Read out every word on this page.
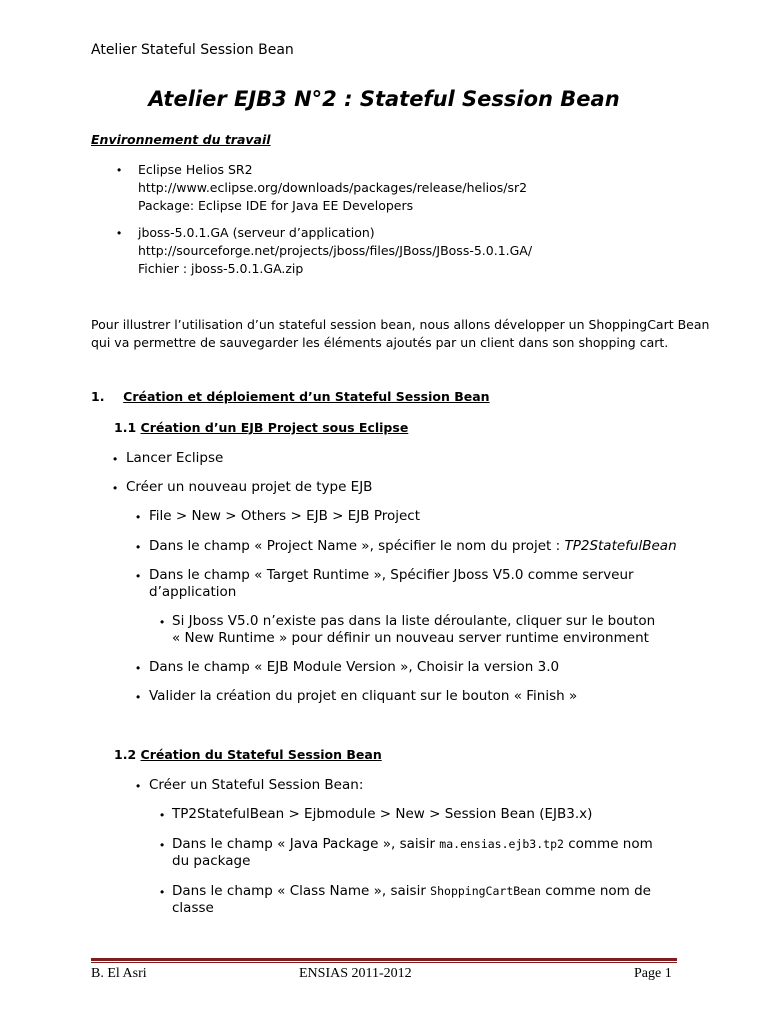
Atelier Stateful Session Bean
Atelier EJB3 N°2 : Stateful Session Bean
Environnement du travail
• Eclipse Helios SR2
http://www.eclipse.org/downloads/packages/release/helios/sr2
Package: Eclipse IDE for Java EE Developers
• jboss-5.0.1.GA (serveur d’application)
http://sourceforge.net/projects/jboss/files/JBoss/JBoss-5.0.1.GA/
Fichier : jboss-5.0.1.GA.zip
Pour illustrer l’utilisation d’un stateful session bean, nous allons développer un ShoppingCart Bean
qui va permettre de sauvegarder les éléments ajoutés par un client dans son shopping cart.
1. Création et déploiement d’un Stateful Session Bean
1.1 Création d’un EJB Project sous Eclipse
• Lancer Eclipse
• Créer un nouveau projet de type EJB
• File > New > Others > EJB > EJB Project
• Dans le champ « Project Name », spécifier le nom du projet : TP2StatefulBean
• Dans le champ « Target Runtime », Spécifier Jboss V5.0 comme serveur
d’application
• Si Jboss V5.0 n’existe pas dans la liste déroulante, cliquer sur le bouton
« New Runtime » pour définir un nouveau server runtime environment
• Dans le champ « EJB Module Version », Choisir la version 3.0
• Valider la création du projet en cliquant sur le bouton « Finish »
1.2 Création du Stateful Session Bean
• Créer un Stateful Session Bean:
• TP2StatefulBean > Ejbmodule > New > Session Bean (EJB3.x)
• Dans le champ « Java Package », saisir ma.ensias.ejb3.tp2 comme nom
du package
• Dans le champ « Class Name », saisir ShoppingCartBean comme nom de
classe
B. El Asri	ENSIAS 2011-2012	Page 1
